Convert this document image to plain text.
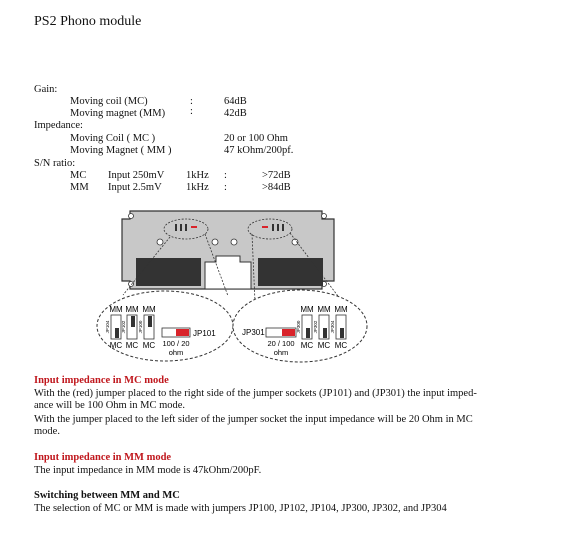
PS2 Phono module
Gain:
Moving coil (MC)	:	64dB
Moving magnet (MM) :	42dB
Impedance:
Moving Coil ( MC )	20 or 100 Ohm
Moving Magnet ( MM )	47 kOhm/200pf.
S/N ratio:
MC Input 250mV 1kHz :	>72dB
MM Input 2.5mV 1kHz :	>84dB
MM
JP104
MC
MM
JP102
MC
MM
JP100
MC
JP101
100 / 20
ohm
JP301
20 / 100
ohm
MM
JP300
MC
MM
JP302
MC
MM
JP304
MC
Input impedance in MC mode
With the (red) jumper placed to the right side of the jumper sockets (JP101) and (JP301) the input imped-
ance will be 100 Ohm in MC mode.
With the jumper placed to the left sider of the jumper socket the input impedance will be 20 Ohm in MC
mode.
Input impedance in MM mode
The input impedance in MM mode is 47kOhm/200pF.
Switching between MM and MC
The selection of MC or MM is made with jumpers JP100, JP102, JP104, JP300, JP302, and JP304
